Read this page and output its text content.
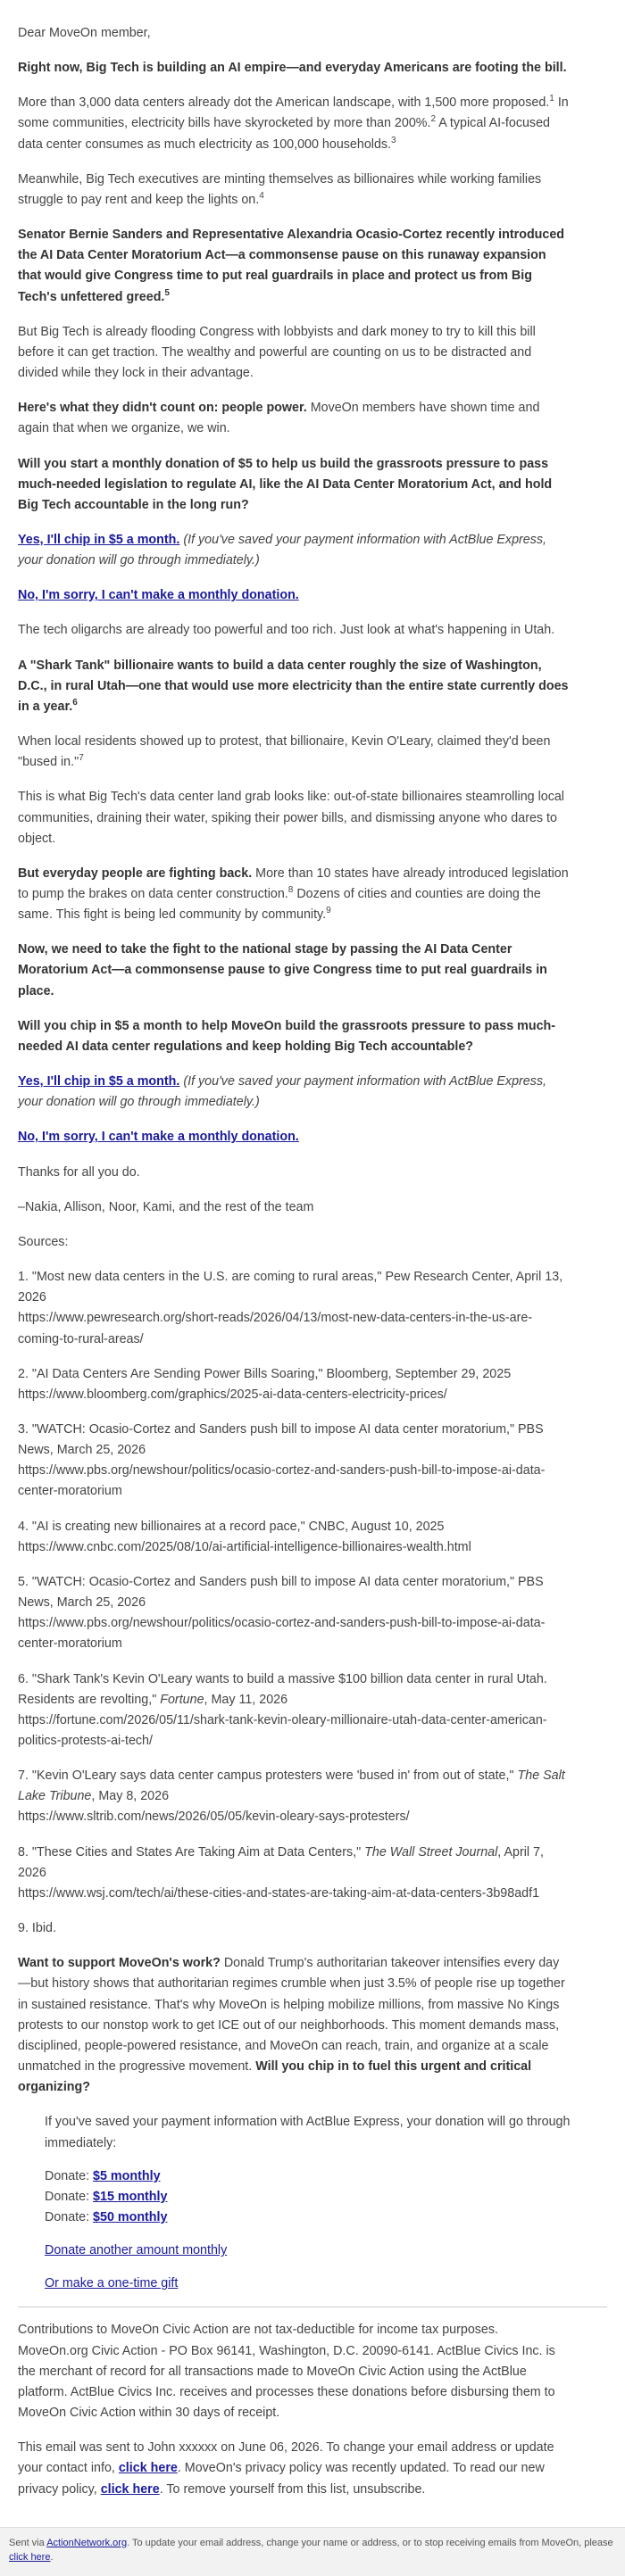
Dear MoveOn member,

Right now, Big Tech is building an AI empire—and everyday Americans are footing the bill.

More than 3,000 data centers already dot the American landscape, with 1,500 more proposed.$^1$ In some communities, electricity bills have skyrocketed by more than 200%.$^2$ A typical AI-focused data center consumes as much electricity as 100,000 households.$^3$

Meanwhile, Big Tech executives are minting themselves as billionaires while working families struggle to pay rent and keep the lights on.$^4$

Senator Bernie Sanders and Representative Alexandria Ocasio-Cortez recently introduced the AI Data Center Moratorium Act—a commonsense pause on this runaway expansion that would give Congress time to put real guardrails in place and protect us from Big Tech's unfettered greed.$^5$

But Big Tech is already flooding Congress with lobbyists and dark money to try to kill this bill before it can get traction. The wealthy and powerful are counting on us to be distracted and divided while they lock in their advantage.

Here's what they didn't count on: people power. MoveOn members have shown time and again that when we organize, we win.

Will you start a monthly donation of $5 to help us build the grassroots pressure to pass much-needed legislation to regulate AI, like the AI Data Center Moratorium Act, and hold Big Tech accountable in the long run?

Yes, I'll chip in $5 a month. (If you've saved your payment information with ActBlue Express, your donation will go through immediately.)

No, I'm sorry, I can't make a monthly donation.

The tech oligarchs are already too powerful and too rich. Just look at what's happening in Utah.

A "Shark Tank" billionaire wants to build a data center roughly the size of Washington, D.C., in rural Utah—one that would use more electricity than the entire state currently does in a year.$^6$

When local residents showed up to protest, that billionaire, Kevin O'Leary, claimed they'd been "bused in."$^7$

This is what Big Tech's data center land grab looks like: out-of-state billionaires steamrolling local communities, draining their water, spiking their power bills, and dismissing anyone who dares to object.

But everyday people are fighting back. More than 10 states have already introduced legislation to pump the brakes on data center construction.$^8$ Dozens of cities and counties are doing the same. This fight is being led community by community.$^9$

Now, we need to take the fight to the national stage by passing the AI Data Center Moratorium Act—a commonsense pause to give Congress time to put real guardrails in place.

Will you chip in $5 a month to help MoveOn build the grassroots pressure to pass much-needed AI data center regulations and keep holding Big Tech accountable?

Yes, I'll chip in $5 a month. (If you've saved your payment information with ActBlue Express, your donation will go through immediately.)

No, I'm sorry, I can't make a monthly donation.

Thanks for all you do.

–Nakia, Allison, Noor, Kami, and the rest of the team

Sources:

1. "Most new data centers in the U.S. are coming to rural areas," Pew Research Center, April 13, 2026
https://www.pewresearch.org/short-reads/2026/04/13/most-new-data-centers-in-the-us-are-coming-to-rural-areas/

2. "AI Data Centers Are Sending Power Bills Soaring," Bloomberg, September 29, 2025
https://www.bloomberg.com/graphics/2025-ai-data-centers-electricity-prices/

3. "WATCH: Ocasio-Cortez and Sanders push bill to impose AI data center moratorium," PBS News, March 25, 2026
https://www.pbs.org/newshour/politics/ocasio-cortez-and-sanders-push-bill-to-impose-ai-data-center-moratorium

4. "AI is creating new billionaires at a record pace," CNBC, August 10, 2025
https://www.cnbc.com/2025/08/10/ai-artificial-intelligence-billionaires-wealth.html

5. "WATCH: Ocasio-Cortez and Sanders push bill to impose AI data center moratorium," PBS News, March 25, 2026
https://www.pbs.org/newshour/politics/ocasio-cortez-and-sanders-push-bill-to-impose-ai-data-center-moratorium

6. "Shark Tank's Kevin O'Leary wants to build a massive $100 billion data center in rural Utah. Residents are revolting," Fortune, May 11, 2026
https://fortune.com/2026/05/11/shark-tank-kevin-oleary-millionaire-utah-data-center-american-politics-protests-ai-tech/

7. "Kevin O'Leary says data center campus protesters were 'bused in' from out of state," The Salt Lake Tribune, May 8, 2026
https://www.sltrib.com/news/2026/05/05/kevin-oleary-says-protesters/

8. "These Cities and States Are Taking Aim at Data Centers," The Wall Street Journal, April 7, 2026
https://www.wsj.com/tech/ai/these-cities-and-states-are-taking-aim-at-data-centers-3b98adf1

9. Ibid.

Want to support MoveOn's work? Donald Trump's authoritarian takeover intensifies every day—but history shows that authoritarian regimes crumble when just 3.5% of people rise up together in sustained resistance. That's why MoveOn is helping mobilize millions, from massive No Kings protests to our nonstop work to get ICE out of our neighborhoods. This moment demands mass, disciplined, people-powered resistance, and MoveOn can reach, train, and organize at a scale unmatched in the progressive movement. Will you chip in to fuel this urgent and critical organizing?

If you've saved your payment information with ActBlue Express, your donation will go through immediately:

Donate: $5 monthly
Donate: $15 monthly
Donate: $50 monthly

Donate another amount monthly

Or make a one-time gift

Contributions to MoveOn Civic Action are not tax-deductible for income tax purposes. MoveOn.org Civic Action - PO Box 96141, Washington, D.C. 20090-6141. ActBlue Civics Inc. is the merchant of record for all transactions made to MoveOn Civic Action using the ActBlue platform. ActBlue Civics Inc. receives and processes these donations before disbursing them to MoveOn Civic Action within 30 days of receipt.

This email was sent to John xxxxxx on June 06, 2026. To change your email address or update your contact info, click here. MoveOn's privacy policy was recently updated. To read our new privacy policy, click here. To remove yourself from this list, unsubscribe.

Sent via ActionNetwork.org. To update your email address, change your name or address, or to stop receiving emails from MoveOn, please click here.
